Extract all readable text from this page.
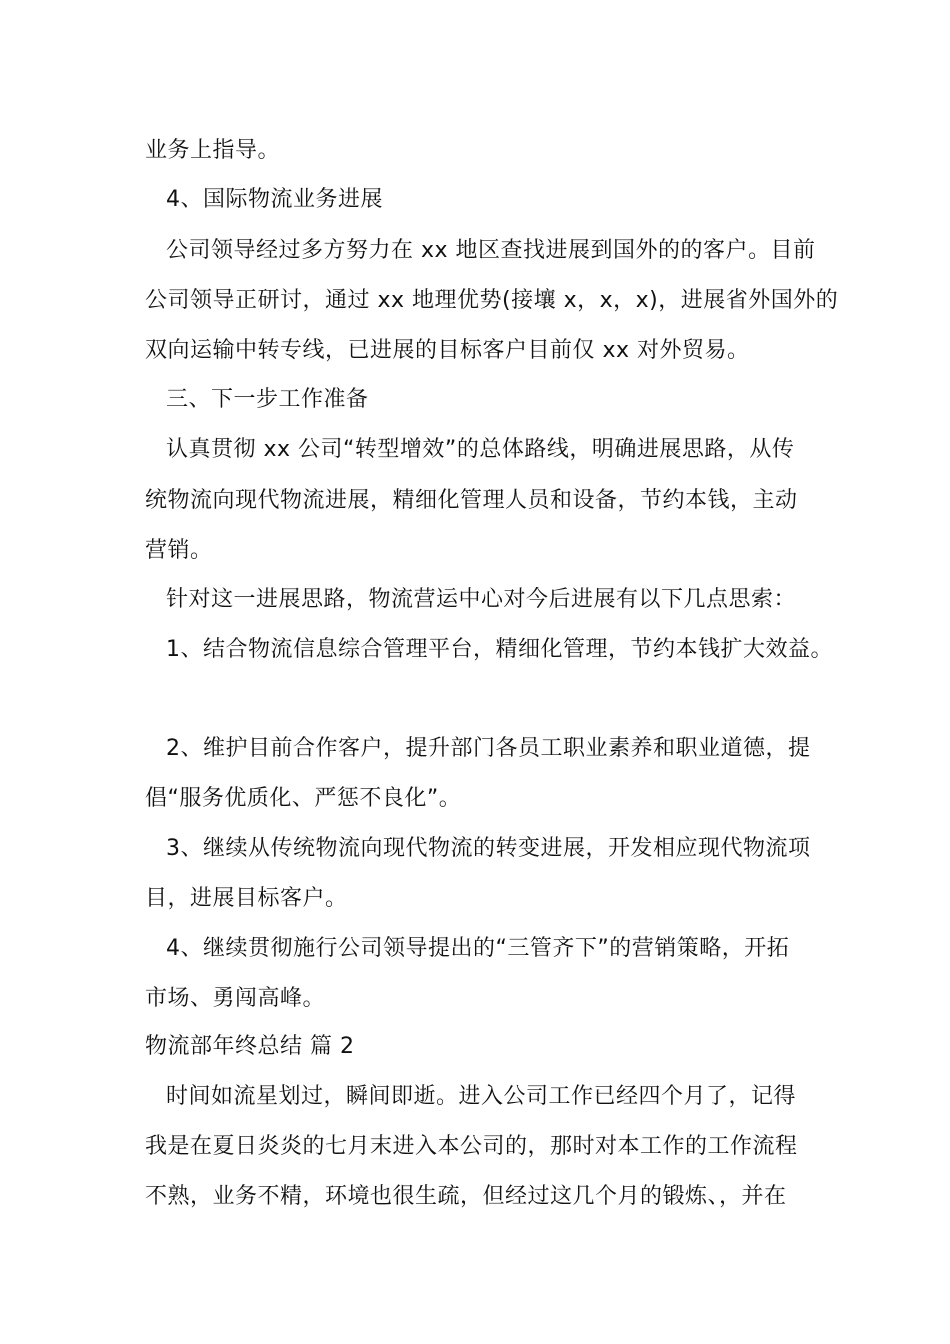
业务上指导。
4、国际物流业务进展
公司领导经过多方努力在 xx 地区查找进展到国外的的客户。目前
公司领导正研讨，通过 xx 地理优势(接壤 x，x，x)，进展省外国外的
双向运输中转专线，已进展的目标客户目前仅 xx 对外贸易。
三、下一步工作准备
认真贯彻 xx 公司“转型增效”的总体路线，明确进展思路，从传
统物流向现代物流进展，精细化管理人员和设备，节约本钱，主动
营销。
针对这一进展思路，物流营运中心对今后进展有以下几点思索：
1、结合物流信息综合管理平台，精细化管理，节约本钱扩大效益。
2、维护目前合作客户，提升部门各员工职业素养和职业道德，提
倡“服务优质化、严惩不良化”。
3、继续从传统物流向现代物流的转变进展，开发相应现代物流项
目，进展目标客户。
4、继续贯彻施行公司领导提出的“三管齐下”的营销策略，开拓
市场、勇闯高峰。
物流部年终总结 篇 2
时间如流星划过，瞬间即逝。进入公司工作已经四个月了，记得
我是在夏日炎炎的七月末进入本公司的，那时对本工作的工作流程
不熟，业务不精，环境也很生疏，但经过这几个月的锻炼、，并在
